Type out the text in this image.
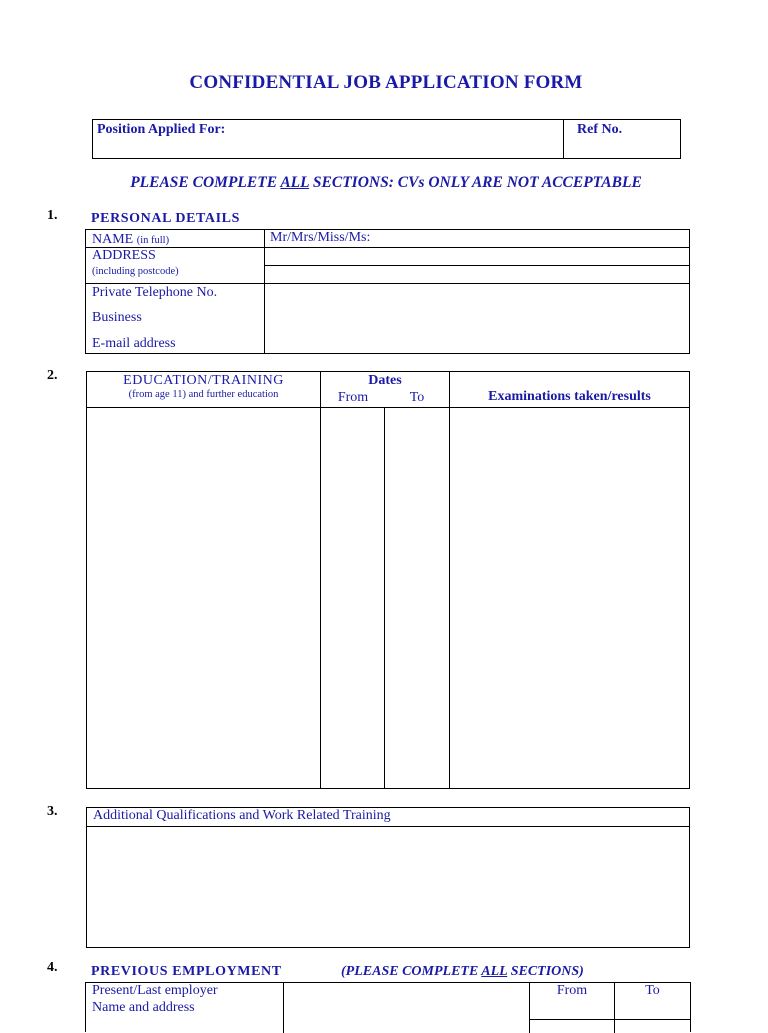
CONFIDENTIAL JOB APPLICATION FORM
Position Applied For:	Ref No.
PLEASE COMPLETE ALL SECTIONS: CVs ONLY ARE NOT ACCEPTABLE
1. PERSONAL DETAILS
NAME (in full)	Mr/Mrs/Miss/Ms:
ADDRESS
(including postcode)
Private Telephone No.
Business
E-mail address
2.	EDUCATION/TRAINING
(from age 11) and further education
Dates
From	To	Examinations taken/results
3.	Additional Qualifications and Work Related Training
4. PREVIOUS EMPLOYMENT	(PLEASE COMPLETE ALL SECTIONS)
Present/Last employer
Name and address
From	To
